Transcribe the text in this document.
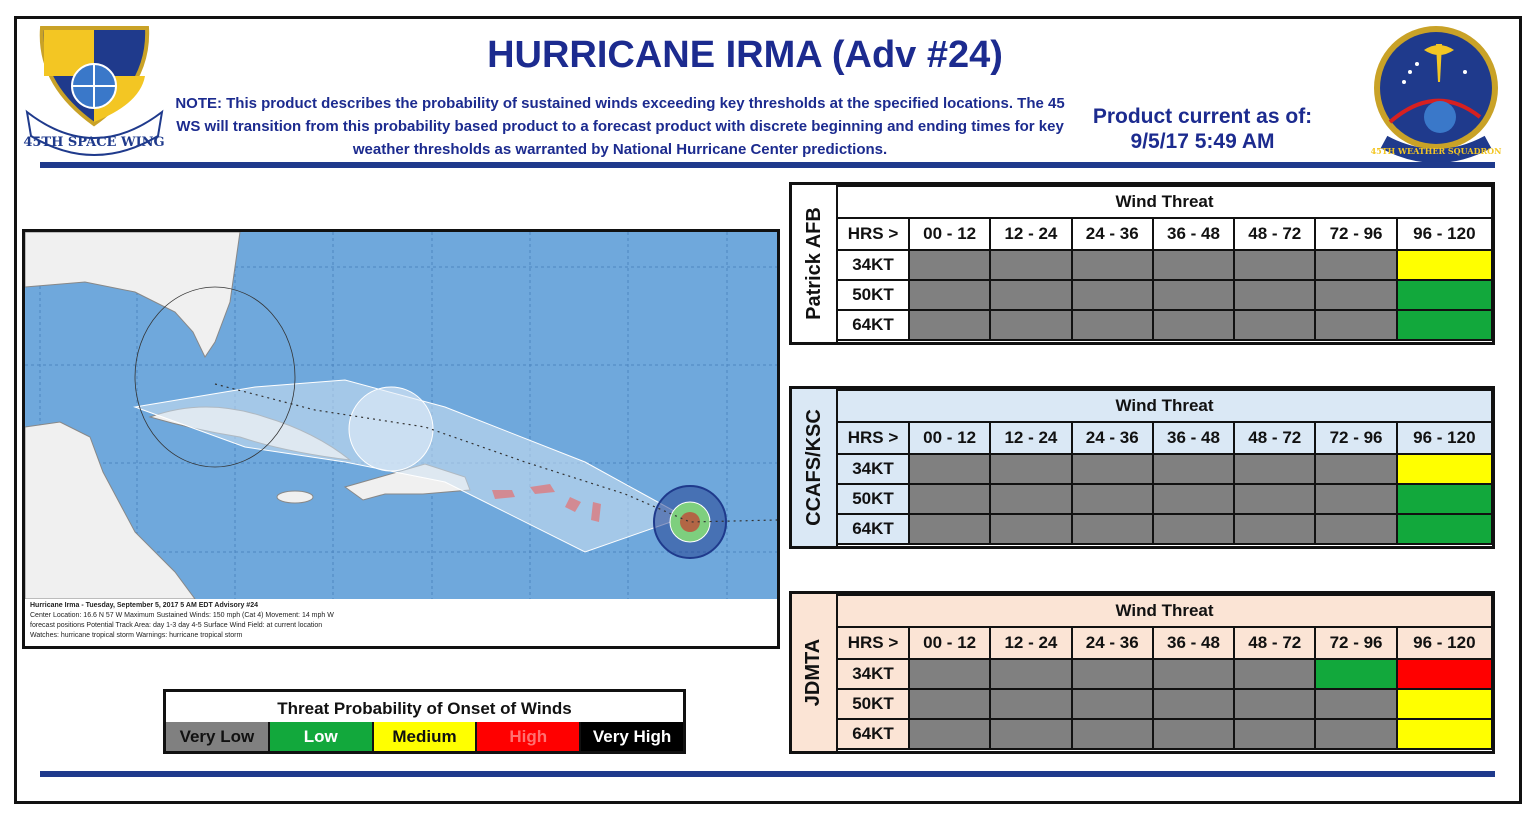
45TH SPACE WING
45TH WEATHER SQUADRON
HURRICANE IRMA (Adv #24)
NOTE: This product describes the probability of sustained winds exceeding key thresholds at the specified locations. The 45 WS will transition from this probability based product to a forecast product with discrete beginning and ending times for key weather thresholds as warranted by National Hurricane Center predictions.
Product current as of:
9/5/17 5:49 AM
Hurricane Irma - Tuesday, September 5, 2017 5 AM EDT Advisory #24
Center Location: 16.6 N 57 W Maximum Sustained Winds: 150 mph (Cat 4) Movement: 14 mph W
forecast positions Potential Track Area: day 1-3 day 4-5 Surface Wind Field: at current location
Watches: hurricane tropical storm Warnings: hurricane tropical storm
Threat Probability of Onset of Winds
Very Low	Low	Medium	High	Very High
Patrick AFB
Wind Threat							
HRS >	00 - 12	12 - 24	24 - 36	36 - 48	48 - 72	72 - 96	96 - 120
34KT							
50KT							
64KT							
CCAFS/KSC
Wind Threat							
HRS >	00 - 12	12 - 24	24 - 36	36 - 48	48 - 72	72 - 96	96 - 120
34KT							
50KT							
64KT							
JDMTA
Wind Threat							
HRS >	00 - 12	12 - 24	24 - 36	36 - 48	48 - 72	72 - 96	96 - 120
34KT							
50KT							
64KT							
